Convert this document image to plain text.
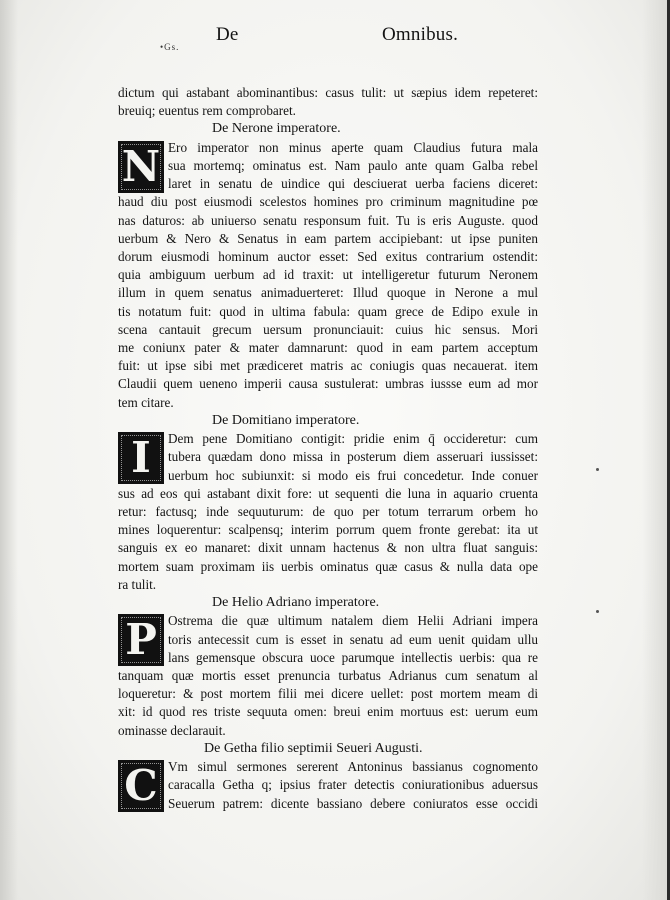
De
•Gs.
Omnibus.
dictum qui astabant abominantibus: casus tulit: ut sæpius idem repeteret:
breuiq; euentus rem comprobaret.
De Nerone imperatore.
N Ero imperator non minus aperte quam Claudius futura mala
sua mortemq; ominatus est. Nam paulo ante quam Galba rebel
laret in senatu de uindice qui desciuerat uerba faciens diceret:
haud diu post eiusmodi scelestos homines pro criminum magnitudine pœ
nas daturos: ab uniuerso senatu responsum fuit. Tu is eris Auguste. quod
uerbum & Nero & Senatus in eam partem accipiebant: ut ipse puniten
dorum eiusmodi hominum auctor esset: Sed exitus contrarium ostendit:
quia ambiguum uerbum ad id traxit: ut intelligeretur futurum Neronem
illum in quem senatus animaduerteret: Illud quoque in Nerone a mul
tis notatum fuit: quod in ultima fabula: quam grece de Edipo exule in
scena cantauit grecum uersum pronunciauit: cuius hic sensus. Mori
me coniunx pater & mater damnarunt: quod in eam partem acceptum
fuit: ut ipse sibi met prædiceret matris ac coniugis quas necauerat. item
Claudii quem ueneno imperii causa sustulerat: umbras iussse eum ad mor
tem citare.
De Domitiano imperatore.
I	Dem pene Domitiano contigit: pridie enim q̄ occideretur: cum
tubera quædam dono missa in posterum diem asseruari iussisset:
uerbum hoc subiunxit: si modo eis frui concedetur. Inde conuer
sus ad eos qui astabant dixit fore: ut sequenti die luna in aquario cruenta
retur: factusq; inde sequuturum: de quo per totum terrarum orbem ho
mines loquerentur: scalpensq; interim porrum quem fronte gerebat: ita ut
sanguis ex eo manaret: dixit unnam hactenus & non ultra fluat sanguis:
mortem suam proximam iis uerbis ominatus quæ casus & nulla data ope
ra tulit.
De Helio Adriano imperatore.
P Ostrema die quæ ultimum natalem diem Helii Adriani impera
toris antecessit cum is esset in senatu ad eum uenit quidam ullu
lans gemensque obscura uoce parumque intellectis uerbis: qua re
tanquam quæ mortis esset prenuncia turbatus Adrianus cum senatum al
loqueretur: & post mortem filii mei dicere uellet: post mortem meam di
xit: id quod res triste sequuta omen: breui enim mortuus est: uerum eum
ominasse declarauit.
De Getha filio septimii Seueri Augusti.
C Vm simul sermones sererent Antoninus bassianus cognomento
caracalla Getha q; ipsius frater detectis coniurationibus aduersus
Seuerum patrem: dicente bassiano debere coniuratos esse occidi
